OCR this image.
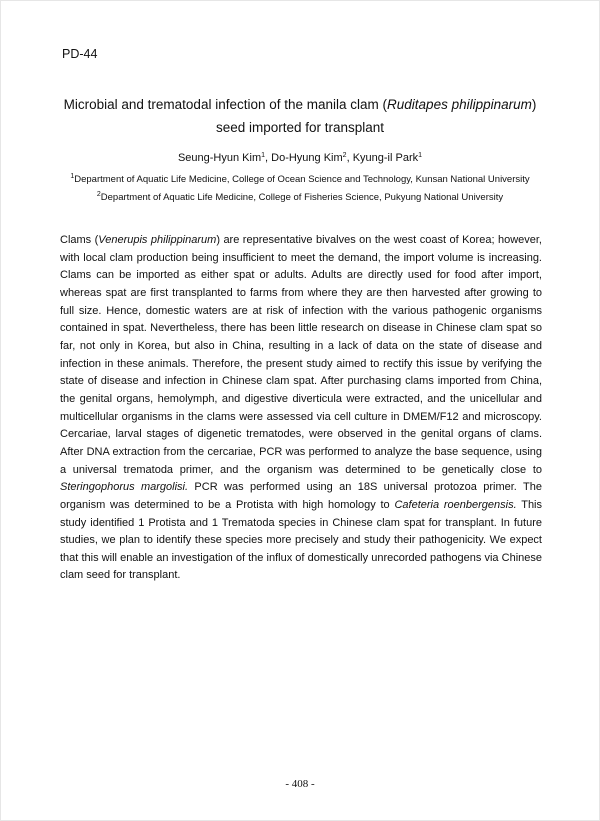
PD-44
Microbial and trematodal infection of the manila clam (Ruditapes philippinarum)
seed imported for transplant
Seung-Hyun Kim$^1$, Do-Hyung Kim$^2$, Kyung-il Park$^1$
$^1$Department of Aquatic Life Medicine, College of Ocean Science and Technology, Kunsan National University
$^2$Department of Aquatic Life Medicine, College of Fisheries Science, Pukyung National University
Clams (Venerupis philippinarum) are representative bivalves on the west coast of Korea; however, with local clam production being insufficient to meet the demand, the import volume is increasing. Clams can be imported as either spat or adults. Adults are directly used for food after import, whereas spat are first transplanted to farms from where they are then harvested after growing to full size. Hence, domestic waters are at risk of infection with the various pathogenic organisms contained in spat. Nevertheless, there has been little research on disease in Chinese clam spat so far, not only in Korea, but also in China, resulting in a lack of data on the state of disease and infection in these animals. Therefore, the present study aimed to rectify this issue by verifying the state of disease and infection in Chinese clam spat. After purchasing clams imported from China, the genital organs, hemolymph, and digestive diverticula were extracted, and the unicellular and multicellular organisms in the clams were assessed via cell culture in DMEM/F12 and microscopy. Cercariae, larval stages of digenetic trematodes, were observed in the genital organs of clams. After DNA extraction from the cercariae, PCR was performed to analyze the base sequence, using a universal trematoda primer, and the organism was determined to be genetically close to Steringophorus margolisi. PCR was performed using an 18S universal protozoa primer. The organism was determined to be a Protista with high homology to Cafeteria roenbergensis. This study identified 1 Protista and 1 Trematoda species in Chinese clam spat for transplant. In future studies, we plan to identify these species more precisely and study their pathogenicity. We expect that this will enable an investigation of the influx of domestically unrecorded pathogens via Chinese clam seed for transplant.
- 408 -
